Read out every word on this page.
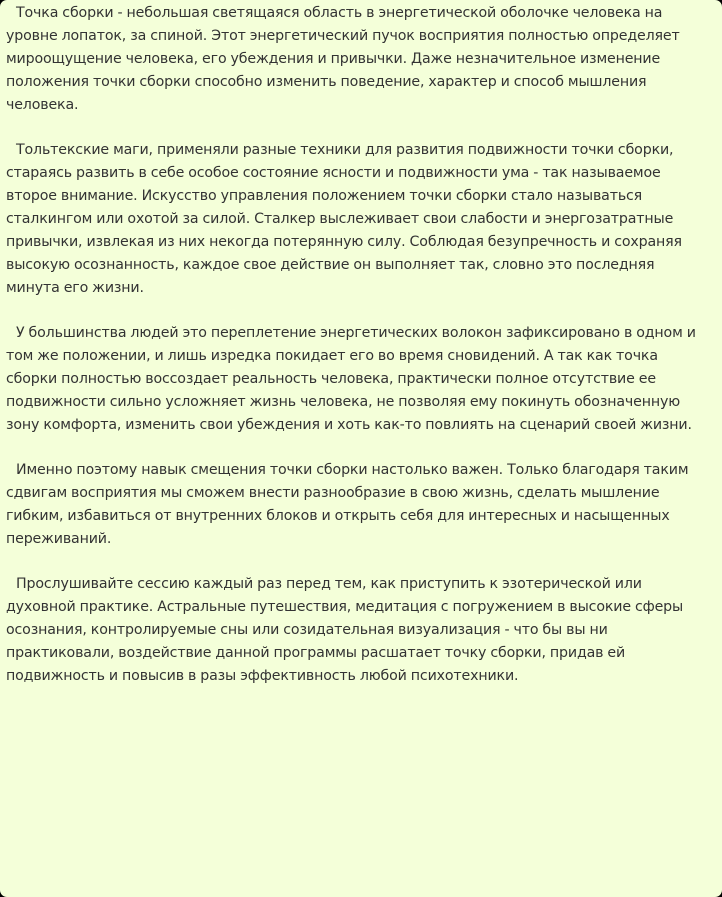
Точка сборки - небольшая светящаяся область в энергетической оболочке человека на уровне лопаток, за спиной. Этот энергетический пучок восприятия полностью определяет мироощущение человека, его убеждения и привычки. Даже незначительное изменение положения точки сборки способно изменить поведение, характер и способ мышления человека.

Тольтекские маги, применяли разные техники для развития подвижности точки сборки, стараясь развить в себе особое состояние ясности и подвижности ума - так называемое второе внимание. Искусство управления положением точки сборки стало называться сталкингом или охотой за силой. Сталкер выслеживает свои слабости и энергозатратные привычки, извлекая из них некогда потерянную силу. Соблюдая безупречность и сохраняя высокую осознанность, каждое свое действие он выполняет так, словно это последняя минута его жизни.

У большинства людей это переплетение энергетических волокон зафиксировано в одном и том же положении, и лишь изредка покидает его во время сновидений. А так как точка сборки полностью воссоздает реальность человека, практически полное отсутствие ее подвижности сильно усложняет жизнь человека, не позволяя ему покинуть обозначенную зону комфорта, изменить свои убеждения и хоть как-то повлиять на сценарий своей жизни.

Именно поэтому навык смещения точки сборки настолько важен. Только благодаря таким сдвигам восприятия мы сможем внести разнообразие в свою жизнь, сделать мышление гибким, избавиться от внутренних блоков и открыть себя для интересных и насыщенных переживаний.

Прослушивайте сессию каждый раз перед тем, как приступить к эзотерической или духовной практике. Астральные путешествия, медитация с погружением в высокие сферы осознания, контролируемые сны или созидательная визуализация - что бы вы ни практиковали, воздействие данной программы расшатает точку сборки, придав ей подвижность и повысив в разы эффективность любой психотехники.
